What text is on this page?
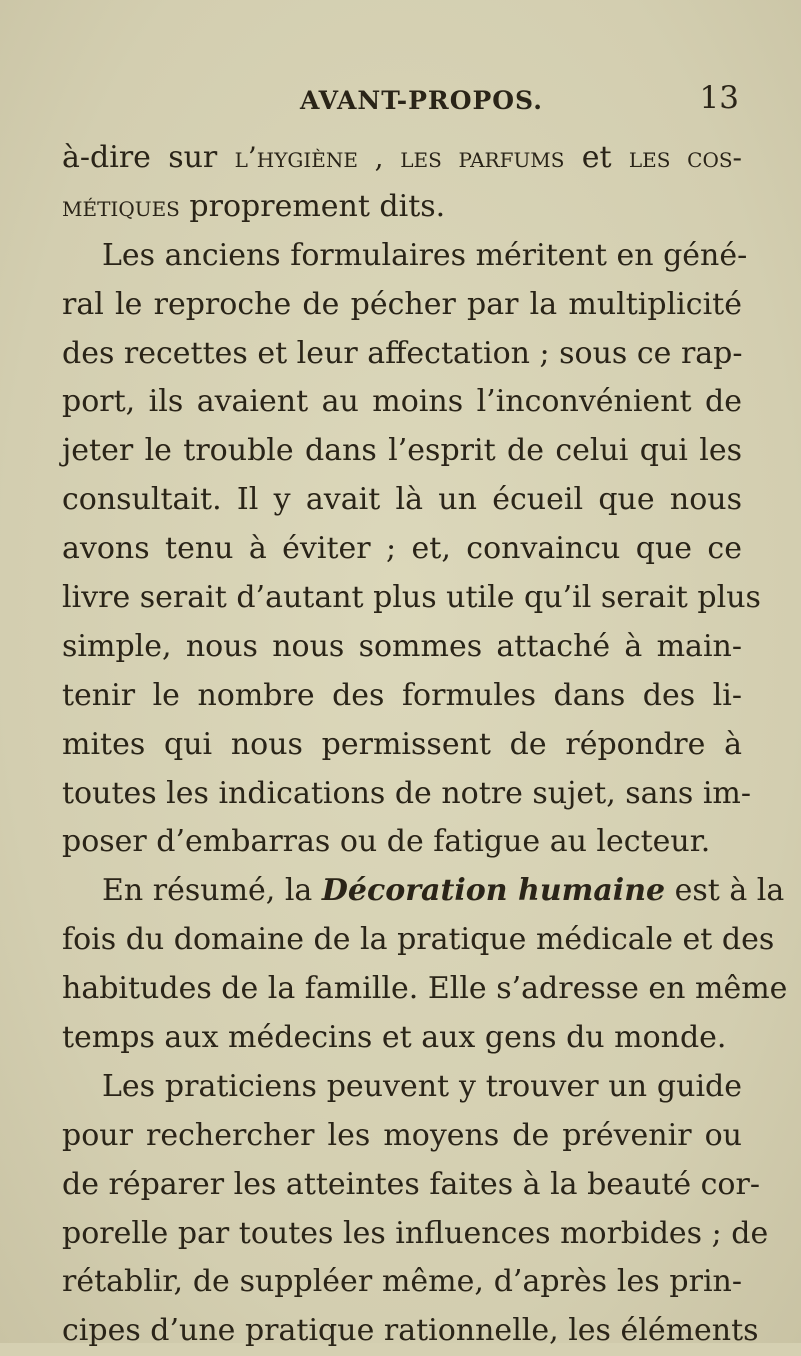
AVANT-PROPOS.	13
à-dire sur l’hygiène , les parfums et les cos-
métiques proprement dits.
Les anciens formulaires méritent en géné-
ral le reproche de pécher par la multiplicité
des recettes et leur affectation ; sous ce rap-
port, ils avaient au moins l’inconvénient de
jeter le trouble dans l’esprit de celui qui les
consultait. Il y avait là un écueil que nous
avons tenu à éviter ; et, convaincu que ce
livre serait d’autant plus utile qu’il serait plus
simple, nous nous sommes attaché à main-
tenir le nombre des formules dans des li-
mites qui nous permissent de répondre à
toutes les indications de notre sujet, sans im-
poser d’embarras ou de fatigue au lecteur.
En résumé, la Décoration humaine est à la
fois du domaine de la pratique médicale et des
habitudes de la famille. Elle s’adresse en même
temps aux médecins et aux gens du monde.
Les praticiens peuvent y trouver un guide
pour rechercher les moyens de prévenir ou
de réparer les atteintes faites à la beauté cor-
porelle par toutes les influences morbides ; de
rétablir, de suppléer même, d’après les prin-
cipes d’une pratique rationnelle, les éléments
